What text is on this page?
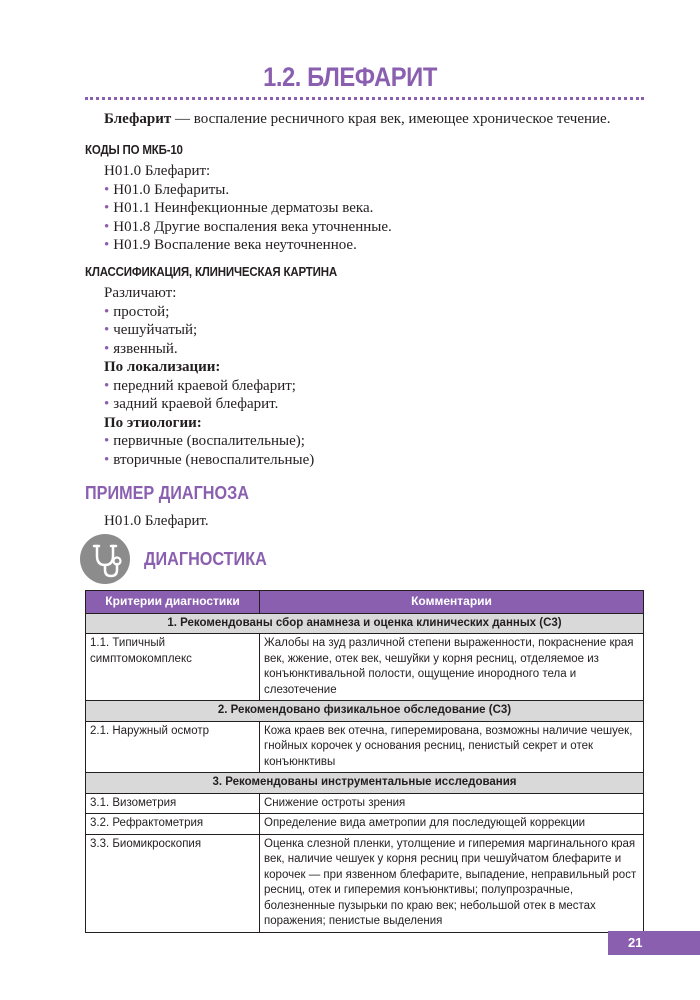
1.2. БЛЕФАРИТ
Блефарит — воспаление ресничного края век, имеющее хроническое течение.
КОДЫ ПО МКБ-10
H01.0 Блефарит:
• H01.0 Блефариты.
• H01.1 Неинфекционные дерматозы века.
• H01.8 Другие воспаления века уточненные.
• H01.9 Воспаление века неуточненное.
КЛАССИФИКАЦИЯ, КЛИНИЧЕСКАЯ КАРТИНА
Различают:
• простой;
• чешуйчатый;
• язвенный.
По локализации:
• передний краевой блефарит;
• задний краевой блефарит.
По этиологии:
• первичные (воспалительные);
• вторичные (невоспалительные)
ПРИМЕР ДИАГНОЗА
H01.0 Блефарит.
ДИАГНОСТИКА
Критерии диагностики	Комментарии
1. Рекомендованы сбор анамнеза и оценка клинических данных (С3)	
1.1. Типичный симптомокомплекс	Жалобы на зуд различной степени выраженности, покраснение края век, жжение, отек век, чешуйки у корня ресниц, отделяемое из конъюнктивальной полости, ощущение инородного тела и слезотечение
2. Рекомендовано физикальное обследование (С3)	
2.1. Наружный осмотр	Кожа краев век отечна, гиперемирована, возможны наличие чешуек, гнойных корочек у основания ресниц, пенистый секрет и отек конъюнктивы
3. Рекомендованы инструментальные исследования	
3.1. Визометрия	Снижение остроты зрения
3.2. Рефрактометрия	Определение вида аметропии для последующей коррекции
3.3. Биомикроскопия	Оценка слезной пленки, утолщение и гиперемия маргинального края век, наличие чешуек у корня ресниц при чешуйчатом блефарите и корочек — при язвенном блефарите, выпадение, неправильный рост ресниц, отек и гиперемия конъюнктивы; полупрозрачные, болезненные пузырьки по краю век; небольшой отек в местах поражения; пенистые выделения
21
